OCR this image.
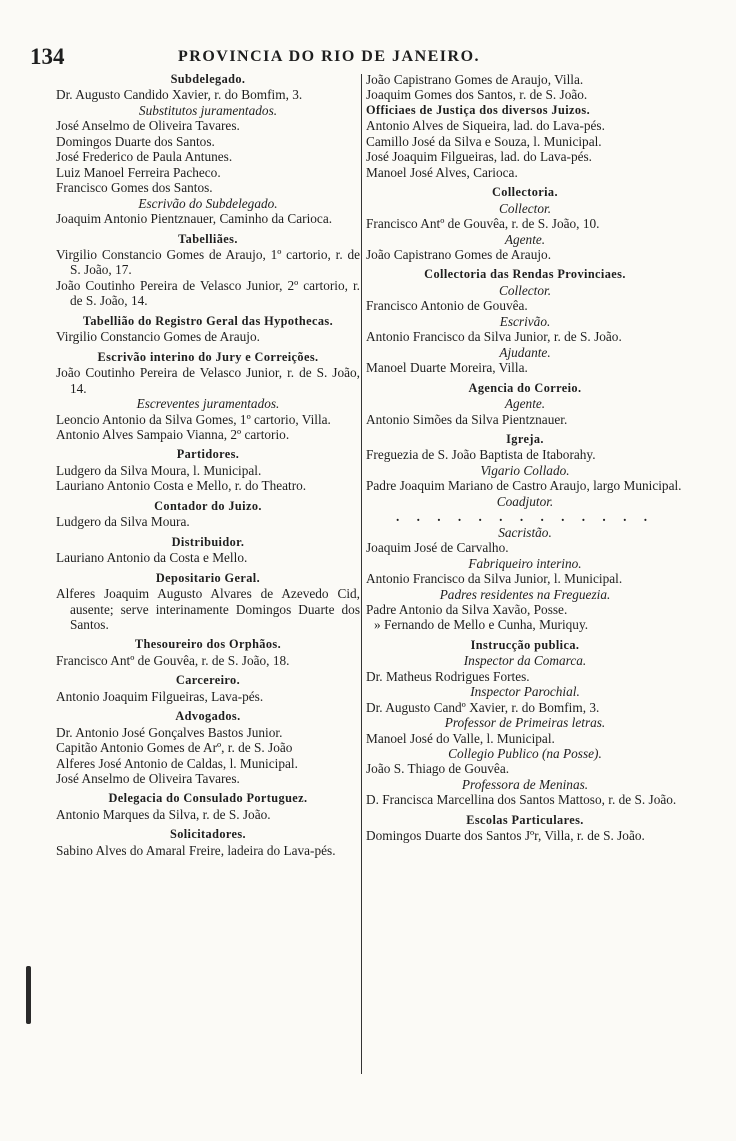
134	PROVINCIA DO RIO DE JANEIRO.
Subdelegado.
Dr. Augusto Candido Xavier, r. do Bomfim, 3.
Substitutos juramentados.
José Anselmo de Oliveira Tavares.
Domingos Duarte dos Santos.
José Frederico de Paula Antunes.
Luiz Manoel Ferreira Pacheco.
Francisco Gomes dos Santos.
Escrivão do Subdelegado.
Joaquim Antonio Pientznauer, Caminho da Carioca.
Tabelliães.
Virgilio Constancio Gomes de Araujo, 1º cartorio, r. de S. João, 17.
João Coutinho Pereira de Velasco Junior, 2º cartorio, r. de S. João, 14.
Tabellião do Registro Geral das Hypothecas.
Virgilio Constancio Gomes de Araujo.
Escrivão interino do Jury e Correições.
João Coutinho Pereira de Velasco Junior, r. de S. João, 14.
Escreventes juramentados.
Leoncio Antonio da Silva Gomes, 1º cartorio, Villa.
Antonio Alves Sampaio Vianna, 2º cartorio.
Partidores.
Ludgero da Silva Moura, l. Municipal.
Lauriano Antonio Costa e Mello, r. do Theatro.
Contador do Juizo.
Ludgero da Silva Moura.
Distribuidor.
Lauriano Antonio da Costa e Mello.
Depositario Geral.
Alferes Joaquim Augusto Alvares de Azevedo Cid, ausente; serve interinamente Domingos Duarte dos Santos.
Thesoureiro dos Orphãos.
Francisco Antº de Gouvêa, r. de S. João, 18.
Carcereiro.
Antonio Joaquim Filgueiras, Lava-pés.
Advogados.
Dr. Antonio José Gonçalves Bastos Junior.
Capitão Antonio Gomes de Arº, r. de S. João
Alferes José Antonio de Caldas, l. Municipal.
José Anselmo de Oliveira Tavares.
Delegacia do Consulado Portuguez.
Antonio Marques da Silva, r. de S. João.
Solicitadores.
Sabino Alves do Amaral Freire, ladeira do Lava-pés.
João Capistrano Gomes de Araujo, Villa.
Joaquim Gomes dos Santos, r. de S. João.
Officiaes de Justiça dos diversos Juizos.
Antonio Alves de Siqueira, lad. do Lava-pés.
Camillo José da Silva e Souza, l. Municipal.
José Joaquim Filgueiras, lad. do Lava-pés.
Manoel José Alves, Carioca.
Collectoria.
Collector.
Francisco Antº de Gouvêa, r. de S. João, 10.
Agente.
João Capistrano Gomes de Araujo.
Collectoria das Rendas Provinciaes.
Collector.
Francisco Antonio de Gouvêa.
Escrivão.
Antonio Francisco da Silva Junior, r. de S. João.
Ajudante.
Manoel Duarte Moreira, Villa.
Agencia do Correio.
Agente.
Antonio Simões da Silva Pientznauer.
Igreja.
Freguezia de S. João Baptista de Itaborahy.
Vigario Collado.
Padre Joaquim Mariano de Castro Araujo, largo Municipal.
Coadjutor.
. . . . . . . . . . . . .
Sacristão.
Joaquim José de Carvalho.
Fabriqueiro interino.
Antonio Francisco da Silva Junior, l. Municipal.
Padres residentes na Freguezia.
Padre Antonio da Silva Xavão, Posse.
» Fernando de Mello e Cunha, Muriquy.
Instrucção publica.
Inspector da Comarca.
Dr. Matheus Rodrigues Fortes.
Inspector Parochial.
Dr. Augusto Candº Xavier, r. do Bomfim, 3.
Professor de Primeiras letras.
Manoel José do Valle, l. Municipal.
Collegio Publico (na Posse).
João S. Thiago de Gouvêa.
Professora de Meninas.
D. Francisca Marcellina dos Santos Mattoso, r. de S. João.
Escolas Particulares.
Domingos Duarte dos Santos Jºr, Villa, r. de S. João.
